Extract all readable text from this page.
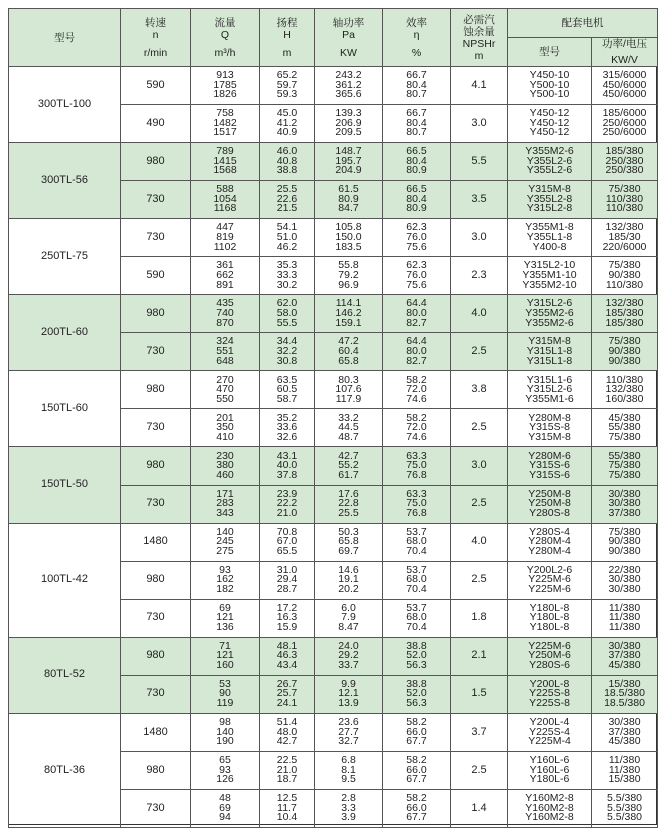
型号	转速
n
r/min	流量
Q
m³/h	扬程
H
m	轴功率
Pa
KW	效率
η
%	必需汽
蚀余量
NPSHr
m	配套电机	
							型号	功率/电压
KW/V

300TL-100	590	913
1785
1826	65.2
59.7
59.3	243.2
361.2
365.6	66.7
80.4
80.7	4.1	Y450-10
Y500-10
Y500-10	315/6000
450/6000
450/6000

	490	758
1482
1517	45.0
41.2
40.9	139.3
206.9
209.5	66.7
80.4
80.7	3.0	Y450-12
Y450-12
Y450-12	185/6000
250/6000
250/6000

300TL-56	980	789
1415
1568	46.0
40.8
38.8	148.7
195.7
204.9	66.5
80.4
80.9	5.5	Y355M2-6
Y355L2-6
Y355L2-6	185/380
250/380
250/380

	730	588
1054
1168	25.5
22.6
21.5	61.5
80.9
84.7	66.5
80.4
80.9	3.5	Y315M-8
Y355L2-8
Y315L2-8	75/380
110/380
110/380

250TL-75	730	447
819
1102	54.1
51.0
46.2	105.8
150.0
183.5	62.3
76.0
75.6	3.0	Y355M1-8
Y355L1-8
Y400-8	132/380
185/30
220/6000

	590	361
662
891	35.3
33.3
30.2	55.8
79.2
96.9	62.3
76.0
75.6	2.3	Y315L2-10
Y355M1-10
Y355M2-10	75/380
90/380
110/380

200TL-60	980	435
740
870	62.0
58.0
55.5	114.1
146.2
159.1	64.4
80.0
82.7	4.0	Y315L2-6
Y355M2-6
Y355M2-6	132/380
185/380
185/380

	730	324
551
648	34.4
32.2
30.8	47.2
60.4
65.8	64.4
80.0
82.7	2.5	Y315M-8
Y315L1-8
Y315L1-8	75/380
90/380
90/380

150TL-60	980	270
470
550	63.5
60.5
58.7	80.3
107.6
117.9	58.2
72.0
74.6	3.8	Y315L1-6
Y315L2-6
Y355M1-6	110/380
132/380
160/380

	730	201
350
410	35.2
33.6
32.6	33.2
44.5
48.7	58.2
72.0
74.6	2.5	Y280M-8
Y315S-8
Y315M-8	45/380
55/380
75/380

150TL-50	980	230
380
460	43.1
40.0
37.8	42.7
55.2
61.7	63.3
75.0
76.8	3.0	Y280M-6
Y315S-6
Y315S-6	55/380
75/380
75/380

	730	171
283
343	23.9
22.2
21.0	17.6
22.8
25.5	63.3
75.0
76.8	2.5	Y250M-8
Y250M-8
Y280S-8	30/380
30/380
37/380

100TL-42	1480	140
245
275	70.8
67.0
65.5	50.3
65.8
69.7	53.7
68.0
70.4	4.0	Y280S-4
Y280M-4
Y280M-4	75/380
90/380
90/380

	980	93
162
182	31.0
29.4
28.7	14.6
19.1
20.2	53.7
68.0
70.4	2.5	Y200L2-6
Y225M-6
Y225M-6	22/380
30/380
30/380

	730	69
121
136	17.2
16.3
15.9	6.0
7.9
8.47	53.7
68.0
70.4	1.8	Y180L-8
Y180L-8
Y180L-8	11/380
11/380
11/380

80TL-52	980	71
121
160	48.1
46.3
43.4	24.0
29.2
33.7	38.8
52.0
56.3	2.1	Y225M-6
Y250M-6
Y280S-6	30/380
37/380
45/380

	730	53
90
119	26.7
25.7
24.1	9.9
12.1
13.9	38.8
52.0
56.3	1.5	Y200L-8
Y225S-8
Y225S-8	15/380
18.5/380
18.5/380

80TL-36	1480	98
140
190	51.4
48.0
42.7	23.6
27.7
32.7	58.2
66.0
67.7	3.7	Y200L-4
Y225S-4
Y225M-4	30/380
37/380
45/380

	980	65
93
126	22.5
21.0
18.7	6.8
8.1
9.5	58.2
66.0
67.7	2.5	Y160L-6
Y160L-6
Y180L-6	11/380
11/380
15/380

	730	48
69
94	12.5
11.7
10.4	2.8
3.3
3.9	58.2
66.0
67.7	1.4	Y160M2-8
Y160M2-8
Y160M2-8	5.5/380
5.5/380
5.5/380
